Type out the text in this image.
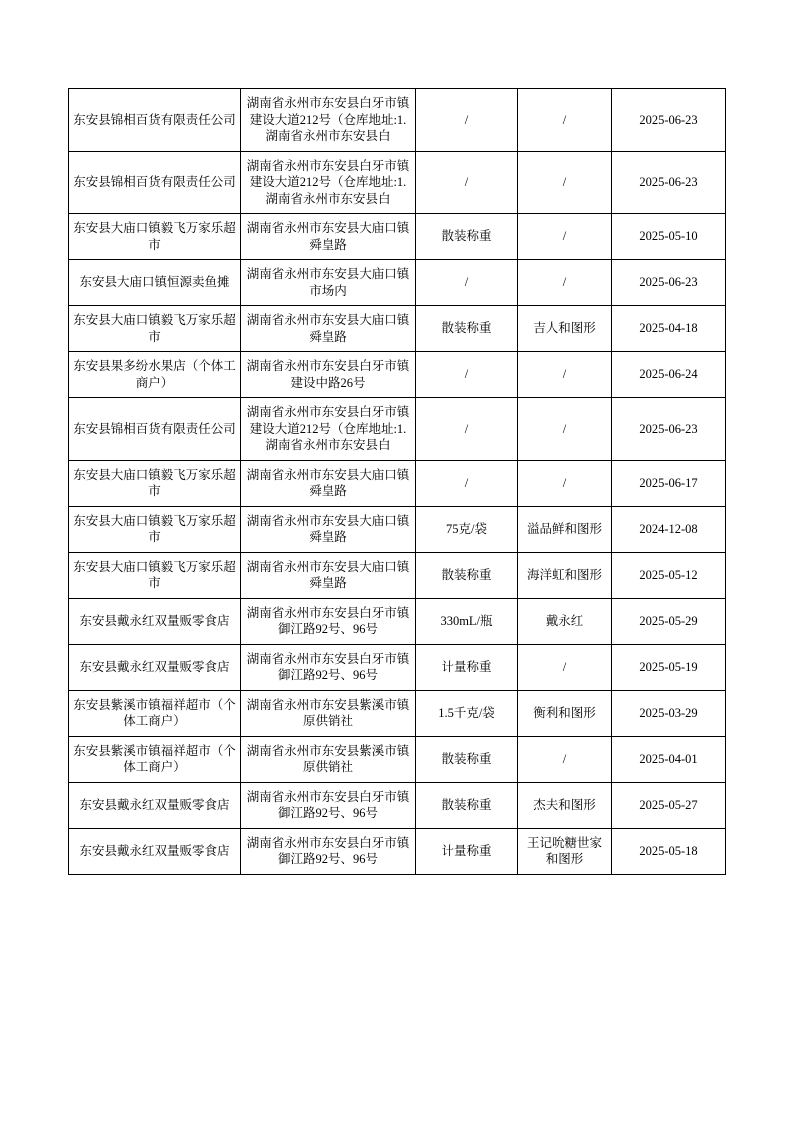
东安县锦相百货有限责任公司	湖南省永州市东安县白牙市镇建设大道212号（仓库地址:1.湖南省永州市东安县白	/	/	2025-06-23
东安县锦相百货有限责任公司	湖南省永州市东安县白牙市镇建设大道212号（仓库地址:1.湖南省永州市东安县白	/	/	2025-06-23
东安县大庙口镇毅飞万家乐超市	湖南省永州市东安县大庙口镇舜皇路	散装称重	/	2025-05-10
东安县大庙口镇恒源卖鱼摊	湖南省永州市东安县大庙口镇市场内	/	/	2025-06-23
东安县大庙口镇毅飞万家乐超市	湖南省永州市东安县大庙口镇舜皇路	散装称重	吉人和图形	2025-04-18
东安县果多纷水果店（个体工商户）	湖南省永州市东安县白牙市镇建设中路26号	/	/	2025-06-24
东安县锦相百货有限责任公司	湖南省永州市东安县白牙市镇建设大道212号（仓库地址:1.湖南省永州市东安县白	/	/	2025-06-23
东安县大庙口镇毅飞万家乐超市	湖南省永州市东安县大庙口镇舜皇路	/	/	2025-06-17
东安县大庙口镇毅飞万家乐超市	湖南省永州市东安县大庙口镇舜皇路	75克/袋	溢品鲜和图形	2024-12-08
东安县大庙口镇毅飞万家乐超市	湖南省永州市东安县大庙口镇舜皇路	散装称重	海洋虹和图形	2025-05-12
东安县戴永红双量贩零食店	湖南省永州市东安县白牙市镇御江路92号、96号	330mL/瓶	戴永红	2025-05-29
东安县戴永红双量贩零食店	湖南省永州市东安县白牙市镇御江路92号、96号	计量称重	/	2025-05-19
东安县紫溪市镇福祥超市（个体工商户）	湖南省永州市东安县紫溪市镇原供销社	1.5千克/袋	衡利和图形	2025-03-29
东安县紫溪市镇福祥超市（个体工商户）	湖南省永州市东安县紫溪市镇原供销社	散装称重	/	2025-04-01
东安县戴永红双量贩零食店	湖南省永州市东安县白牙市镇御江路92号、96号	散装称重	杰夫和图形	2025-05-27
东安县戴永红双量贩零食店	湖南省永州市东安县白牙市镇御江路92号、96号	计量称重	王记吮糖世家和图形	2025-05-18
